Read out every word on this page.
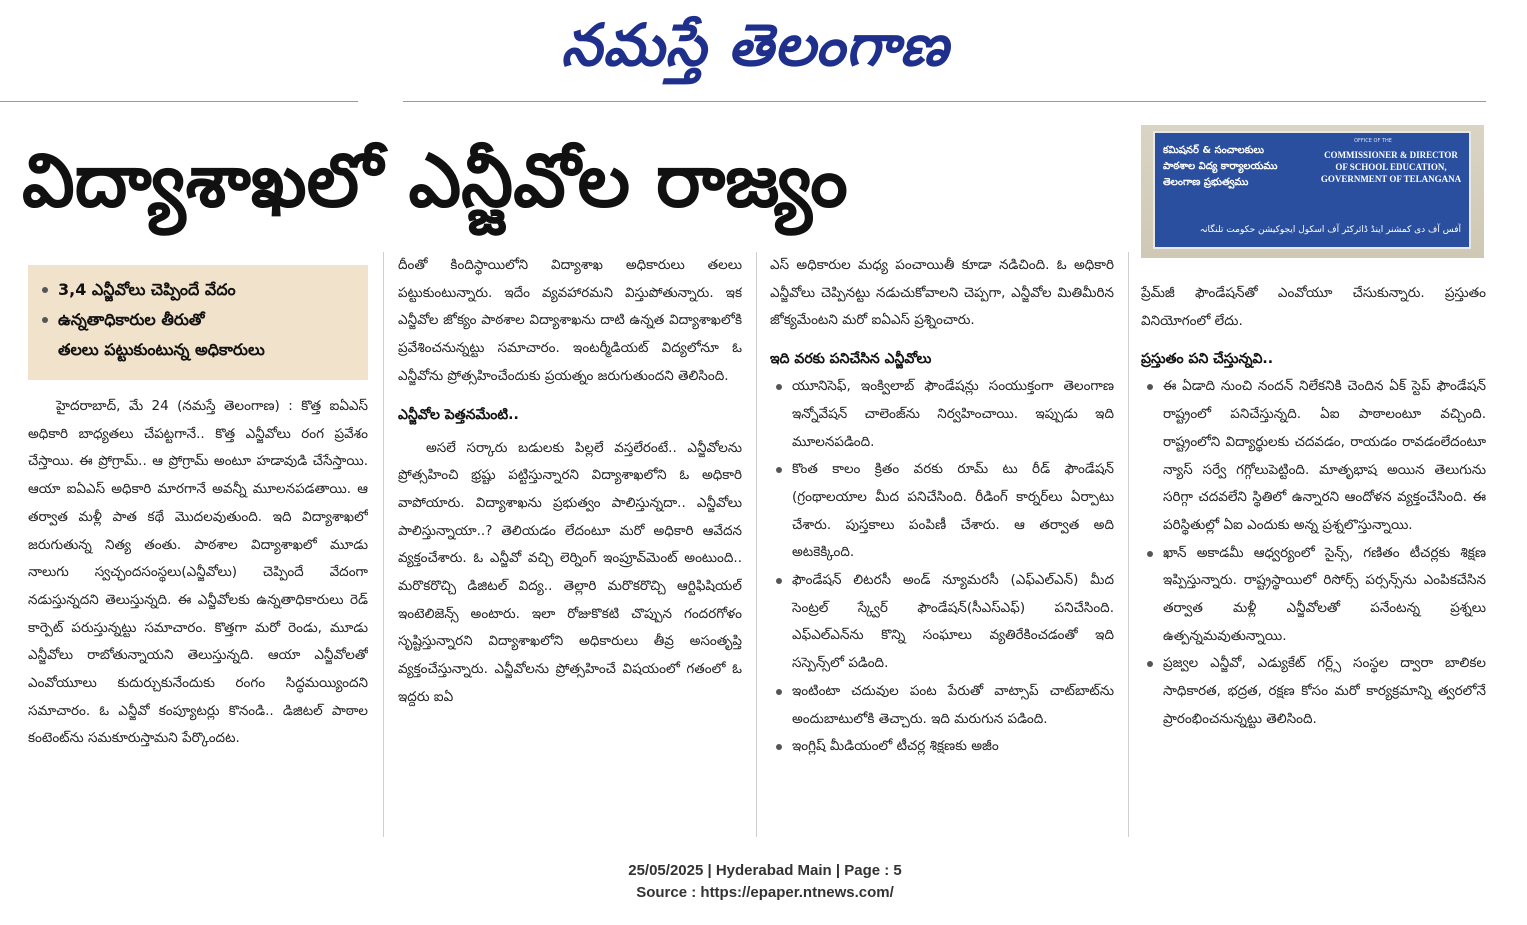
నమస్తే తెలంగాణ
విద్యాశాఖలో ఎన్జీవోల రాజ్యం	కమిషనర్ & సంచాలకులు
పాఠశాల విద్య కార్యాలయము
తెలంగాణ ప్రభుత్వము
OFFICE OF THE
COMMISSIONER & DIRECTOR
OF SCHOOL EDUCATION,
GOVERNMENT OF TELANGANA
آفس آف دی کمشنر اینڈ ڈائرکٹر آف اسکول ایجوکیشن حکومت تلنگانہ
3,4 ఎన్జీవోలు చెప్పిందే వేదం
ఉన్నతాధికారుల తీరుతో
తలలు పట్టుకుంటున్న అధికారులు

హైదరాబాద్, మే 24 (నమస్తే తెలంగాణ) : కొత్త ఐఏఎస్ అధికారి బాధ్యతలు చేపట్టగానే.. కొత్త ఎన్జీవోలు రంగ ప్రవేశం చేస్తాయి. ఈ ప్రోగ్రామ్.. ఆ ప్రోగ్రామ్ అంటూ హడావుడి చేసేస్తాయి. ఆయా ఐఏఎస్ అధికారి మారగానే అవన్నీ మూలనపడతాయి. ఆ తర్వాత మళ్లీ పాత కథే మొదలవుతుంది. ఇది విద్యాశాఖలో జరుగుతున్న నిత్య తంతు. పాఠశాల విద్యాశాఖలో మూడు నాలుగు స్వచ్ఛందసంస్థలు(ఎన్జీవోలు) చెప్పిందే వేదంగా నడుస్తున్నదని తెలుస్తున్నది. ఈ ఎన్జీవోలకు ఉన్నతాధికారులు రెడ్ కార్పెట్ పరుస్తున్నట్టు సమాచారం. కొత్తగా మరో రెండు, మూడు ఎన్జీవోలు రాబోతున్నాయని తెలుస్తున్నది. ఆయా ఎన్జీవోలతో ఎంవోయూలు కుదుర్చుకునేందుకు రంగం సిద్ధమయ్యిందని సమాచారం. ఓ ఎన్జీవో కంప్యూటర్లు కొనండి.. డిజిటల్ పాఠాల కంటెంట్‌ను సమకూరుస్తామని పేర్కొందట.

దీంతో కిందిస్థాయిలోని విద్యాశాఖ అధికారులు తలలు పట్టుకుంటున్నారు. ఇదేం వ్యవహారమని విస్తుపోతున్నారు. ఇక ఎన్జీవోల జోక్యం పాఠశాల విద్యాశాఖను దాటి ఉన్నత విద్యాశాఖలోకి ప్రవేశించనున్నట్టు సమాచారం. ఇంటర్మీడియట్ విద్యలోనూ ఓ ఎన్జీవోను ప్రోత్సహించేందుకు ప్రయత్నం జరుగుతుందని తెలిసింది.

ఎన్జీవోల పెత్తనమేంటి..

అసలే సర్కారు బడులకు పిల్లలే వస్తలేరంటే.. ఎన్జీవోలను ప్రోత్సహించి భ్రష్టు పట్టిస్తున్నారని విద్యాశాఖలోని ఓ అధికారి వాపోయారు. విద్యాశాఖను ప్రభుత్వం పాలిస్తున్నదా.. ఎన్జీవోలు పాలిస్తున్నాయా..? తెలియడం లేదంటూ మరో అధికారి ఆవేదన వ్యక్తంచేశారు. ఓ ఎన్జీవో వచ్చి లెర్నింగ్ ఇంప్రూవ్‌మెంట్ అంటుంది.. మరొకరొచ్చి డిజిటల్ విద్య.. తెల్లారి మరొకరొచ్చి ఆర్టిఫిషియల్ ఇంటెలిజెన్స్ అంటారు. ఇలా రోజుకొకటి చొప్పున గందరగోళం సృష్టిస్తున్నారని విద్యాశాఖలోని అధికారులు తీవ్ర అసంతృప్తి వ్యక్తంచేస్తున్నారు. ఎన్జీవోలను ప్రోత్సహించే విషయంలో గతంలో ఓ ఇద్దరు ఐఏ

ఎస్ అధికారుల మధ్య పంచాయితీ కూడా నడిచింది. ఓ అధికారి ఎన్జీవోలు చెప్పినట్టు నడుచుకోవాలని చెప్పగా, ఎన్జీవోల మితిమీరిన జోక్యమేంటని మరో ఐఏఎస్ ప్రశ్నించారు.

ఇది వరకు పనిచేసిన ఎన్జీవోలు

యూనిసెఫ్, ఇంక్విలాబ్ ఫౌండేషన్లు సంయుక్తంగా తెలంగాణ ఇన్నోవేషన్ చాలెంజ్‌ను నిర్వహించాయి. ఇప్పుడు ఇది మూలనపడింది.

కొంత కాలం క్రితం వరకు రూమ్ టు రీడ్ ఫౌండేషన్ (గ్రంథాలయాల మీద పనిచేసింది. రీడింగ్ కార్నర్‌లు ఏర్పాటు చేశారు. పుస్తకాలు పంపిణీ చేశారు. ఆ తర్వాత అది అటకెక్కింది.

ఫౌండేషన్ లిటరసీ అండ్ న్యూమరసీ (ఎఫ్ఎల్ఎన్) మీద సెంట్రల్ స్క్వేర్ ఫౌండేషన్(సీఎస్ఎఫ్) పనిచేసింది. ఎఫ్ఎల్ఎన్‌ను కొన్ని సంఘాలు వ్యతిరేకించడంతో ఇది సస్పెన్స్‌లో పడింది.

ఇంటింటా చదువుల పంట పేరుతో వాట్సాప్ చాట్‌బాట్‌ను అందుబాటులోకి తెచ్చారు. ఇది మరుగున పడింది.

ఇంగ్లిష్ మీడియంలో టీచర్ల శిక్షణకు అజీం

ప్రేమ్‌జీ ఫౌండేషన్‌తో ఎంవోయూ చేసుకున్నారు. ప్రస్తుతం వినియోగంలో లేదు.

ప్రస్తుతం పని చేస్తున్నవి..

ఈ ఏడాది నుంచి నందన్ నిలేకనికి చెందిన ఏక్ స్టెప్ ఫౌండేషన్ రాష్ట్రంలో పనిచేస్తున్నది. ఏఐ పాఠాలంటూ వచ్చింది. రాష్ట్రంలోని విద్యార్థులకు చదవడం, రాయడం రావడంలేదంటూ న్యాస్ సర్వే గగ్గోలుపెట్టింది. మాతృభాష అయిన తెలుగును సరిగ్గా చదవలేని స్థితిలో ఉన్నారని ఆందోళన వ్యక్తంచేసింది. ఈ పరిస్థితుల్లో ఏఐ ఎందుకు అన్న ప్రశ్నలొస్తున్నాయి.

ఖాన్ అకాడమీ ఆధ్వర్యంలో సైన్స్, గణితం టీచర్లకు శిక్షణ ఇప్పిస్తున్నారు. రాష్ట్రస్థాయిలో రిసోర్స్ పర్సన్స్‌ను ఎంపికచేసిన తర్వాత మళ్లీ ఎన్జీవోలతో పనేంటన్న ప్రశ్నలు ఉత్పన్నమవుతున్నాయి.

ప్రజ్వల ఎన్జీవో, ఎడ్యుకేట్ గర్ల్స్ సంస్థల ద్వారా బాలికల సాధికారత, భద్రత, రక్షణ కోసం మరో కార్యక్రమాన్ని త్వరలోనే ప్రారంభించనున్నట్టు తెలిసింది.

25/05/2025 | Hyderabad Main | Page : 5
Source : https://epaper.ntnews.com/
